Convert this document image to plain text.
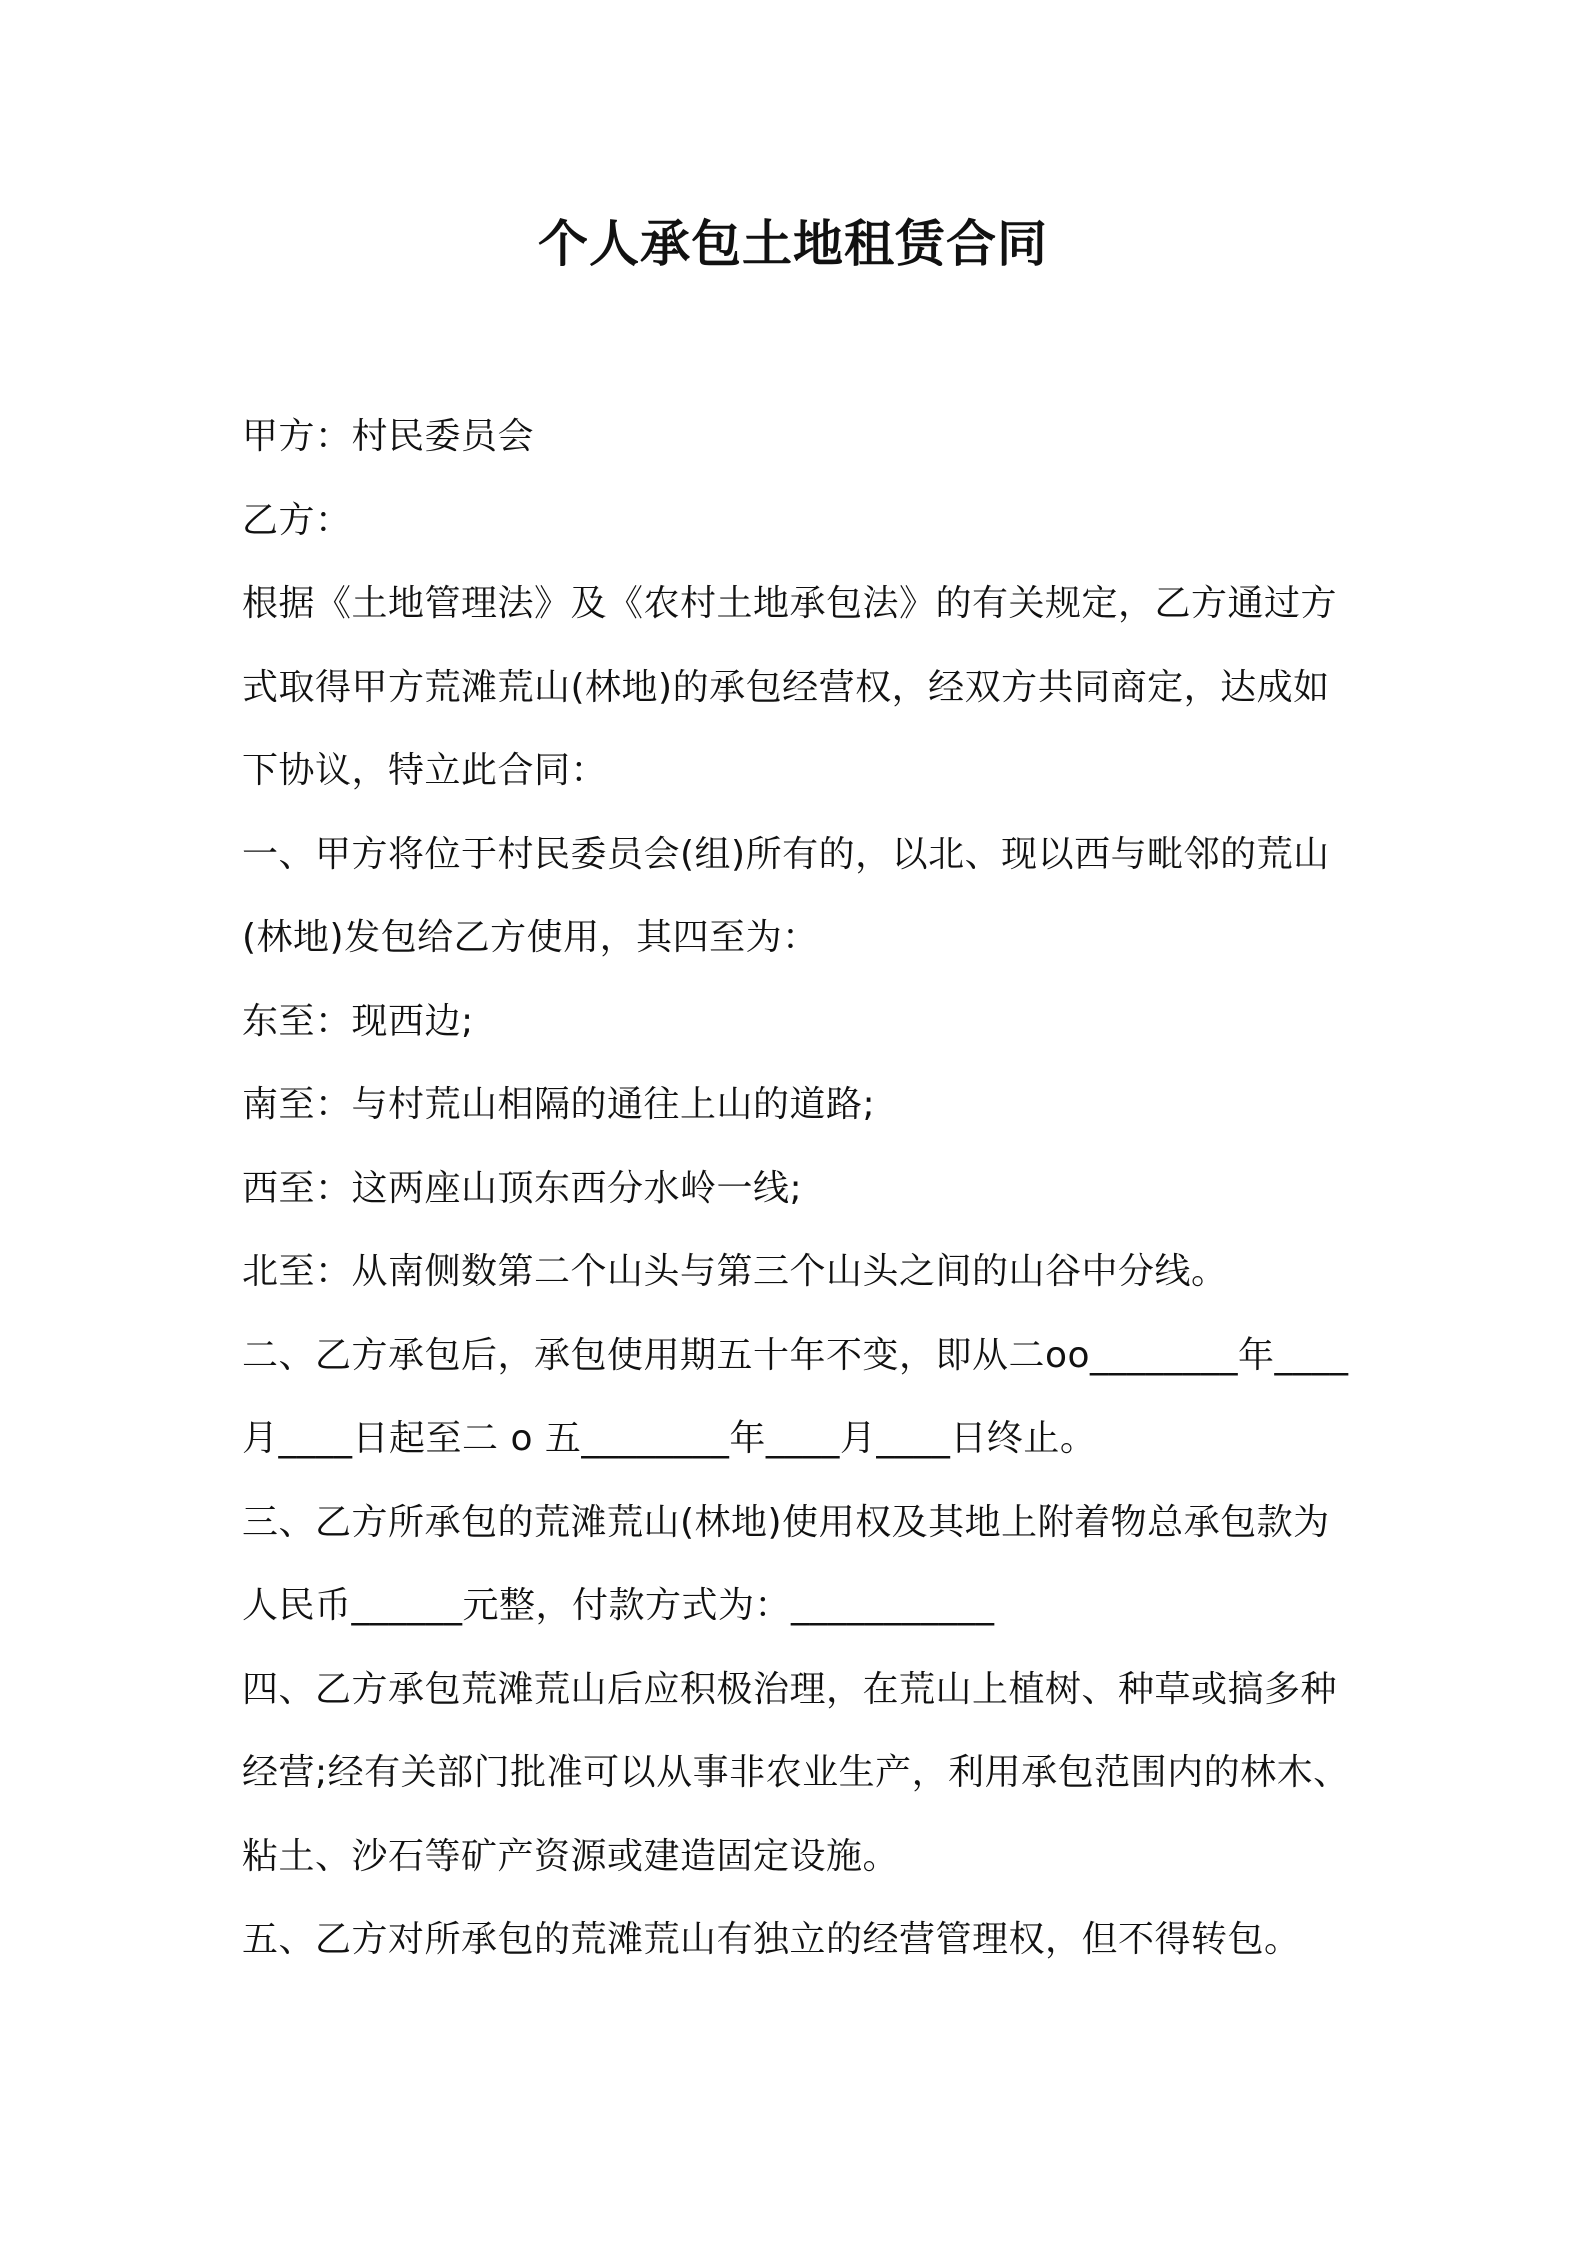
个人承包土地租赁合同
甲方：村民委员会
乙方：
根据《土地管理法》及《农村土地承包法》的有关规定，乙方通过方
式取得甲方荒滩荒山(林地)的承包经营权，经双方共同商定，达成如
下协议，特立此合同：
一、甲方将位于村民委员会(组)所有的，以北、现以西与毗邻的荒山
(林地)发包给乙方使用，其四至为：
东至：现西边;
南至：与村荒山相隔的通往上山的道路;
西至：这两座山顶东西分水岭一线;
北至：从南侧数第二个山头与第三个山头之间的山谷中分线。
二、乙方承包后，承包使用期五十年不变，即从二oo________年____
月____日起至二 o 五________年____月____日终止。
三、乙方所承包的荒滩荒山(林地)使用权及其地上附着物总承包款为
人民币______元整，付款方式为：___________
四、乙方承包荒滩荒山后应积极治理，在荒山上植树、种草或搞多种
经营;经有关部门批准可以从事非农业生产，利用承包范围内的林木、
粘土、沙石等矿产资源或建造固定设施。
五、乙方对所承包的荒滩荒山有独立的经营管理权，但不得转包。
